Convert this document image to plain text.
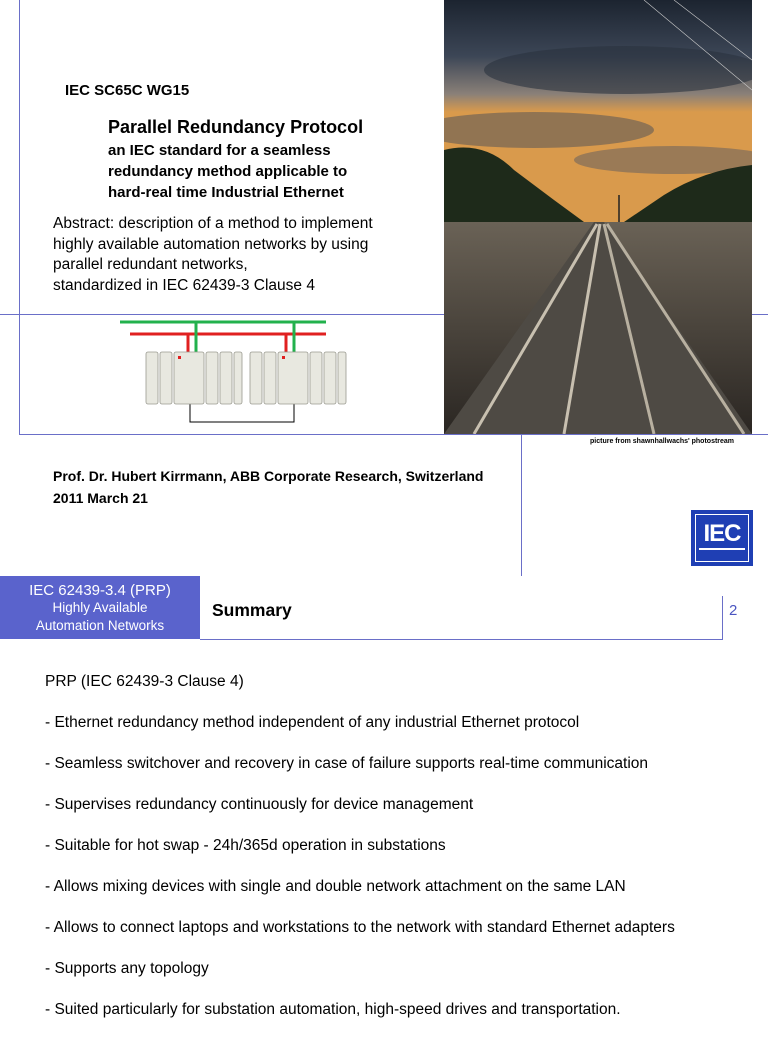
IEC SC65C WG15
Parallel Redundancy Protocol
an IEC standard for a seamless
redundancy method applicable to
hard-real time Industrial Ethernet
Abstract: description of a method to implement
highly available automation networks by using
parallel redundant networks,
standardized in IEC 62439-3 Clause 4
picture from shawnhallwachs' photostream
Prof. Dr. Hubert Kirrmann, ABB Corporate Research, Switzerland
2011 March 21
IEC
IEC 62439-3.4 (PRP)
Highly Available
Automation Networks
Summary	2
PRP (IEC 62439-3 Clause 4)
- Ethernet redundancy method independent of any industrial Ethernet protocol
- Seamless switchover and recovery in case of failure supports real-time communication
- Supervises redundancy continuously for device management
- Suitable for hot swap - 24h/365d operation in substations
- Allows mixing devices with single and double network attachment on the same LAN
- Allows to connect laptops and workstations to the network with standard Ethernet adapters
- Supports any topology
- Suited particularly for substation automation, high-speed drives and transportation.
